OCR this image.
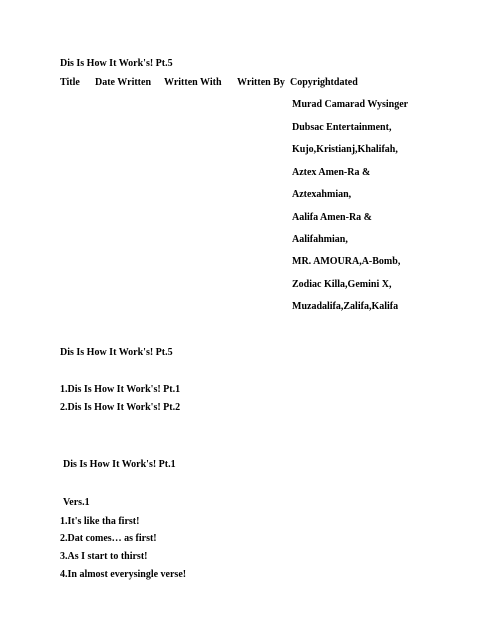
Dis Is How It Work's! Pt.5
Title Date Written Written With Written By Copyrightdated
Murad Camarad Wysinger
Dubsac Entertainment,
Kujo,Kristianj,Khalifah,
Aztex Amen-Ra &
Aztexahmian,
Aalifa Amen-Ra &
Aalifahmian,
MR. AMOURA,A-Bomb,
Zodiac Killa,Gemini X,
Muzadalifa,Zalifa,Kalifa
Dis Is How It Work's! Pt.5
1.Dis Is How It Work's! Pt.1
2.Dis Is How It Work's! Pt.2
Dis Is How It Work's! Pt.1
Vers.1
1.It's like tha first!
2.Dat comes… as first!
3.As I start to thirst!
4.In almost everysingle verse!
